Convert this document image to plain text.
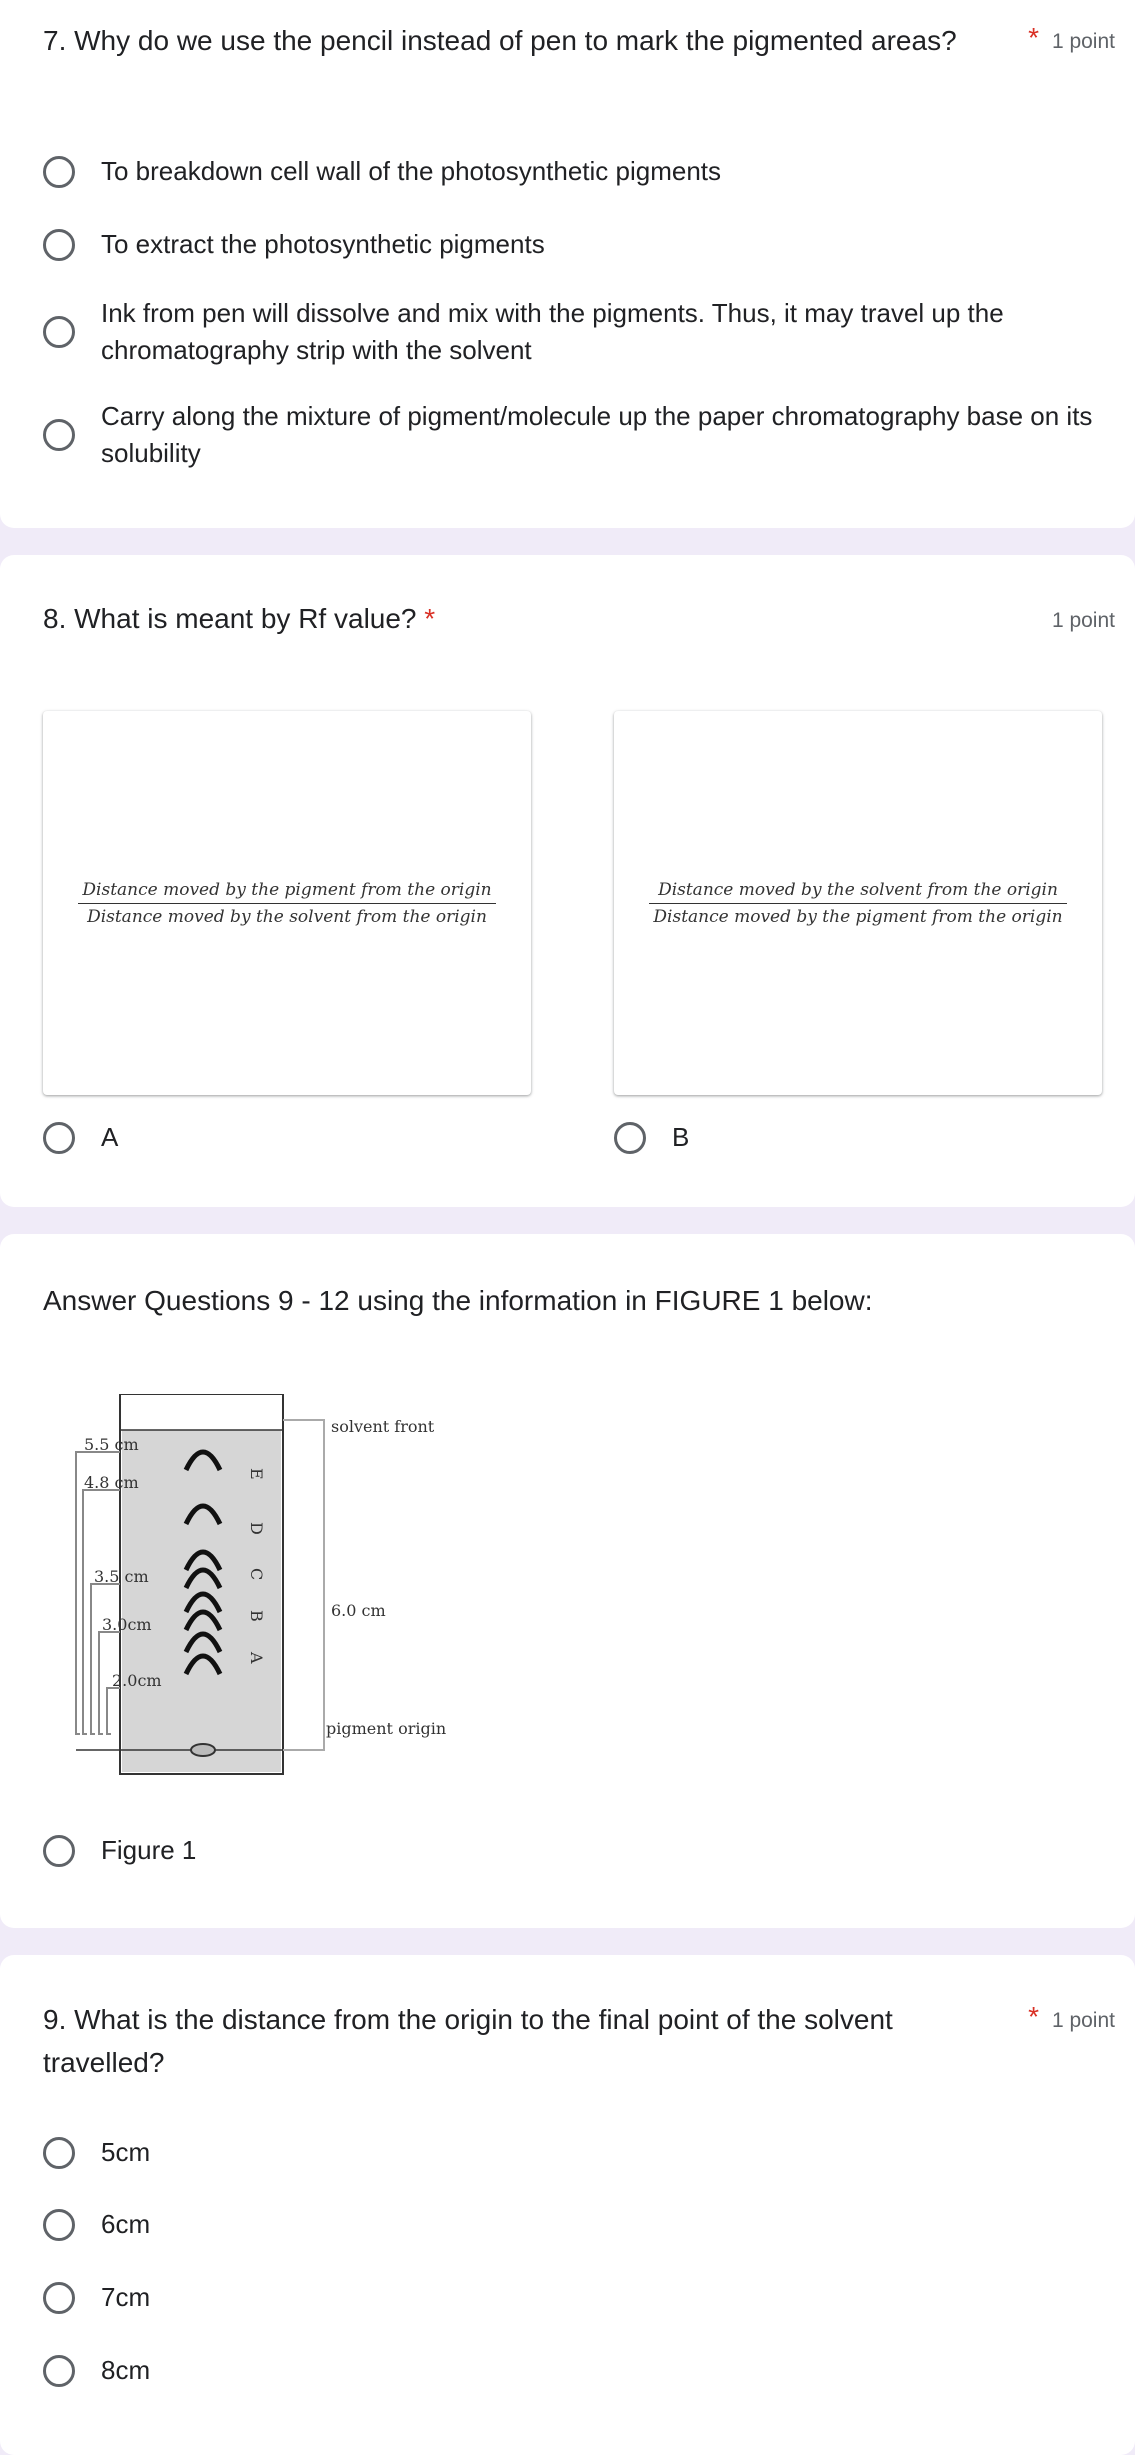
7. Why do we use the pencil instead of pen to mark the pigmented areas?	* 1 point
To breakdown cell wall of the photosynthetic pigments
To extract the photosynthetic pigments
Ink from pen will dissolve and mix with the pigments. Thus, it may travel up the chromatography strip with the solvent
Carry along the mixture of pigment/molecule up the paper chromatography base on its solubility
8. What is meant by Rf value? *	1 point
$\frac{\text{Distance moved by the pigment from the origin}}{\text{Distance moved by the solvent from the origin}}$	$\frac{\text{Distance moved by the solvent from the origin}}{\text{Distance moved by the pigment from the origin}}$
A	B
Answer Questions 9 - 12 using the information in FIGURE 1 below:
E
D
C
B
A
5.5 cm
4.8 cm
3.5 cm
3.0cm
2.0cm
solvent front
6.0 cm
pigment origin
Figure 1
9. What is the distance from the origin to the final point of the solvent travelled?
* 1 point
5cm
6cm
7cm
8cm
